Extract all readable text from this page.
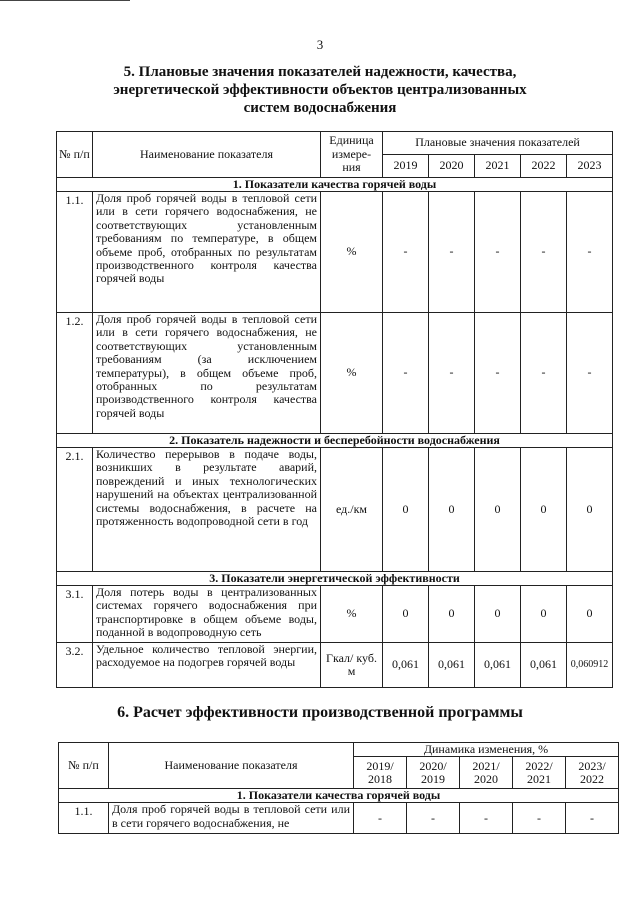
3
5. Плановые значения показателей надежности, качества,
энергетической эффективности объектов централизованных
систем водоснабжения
№ п/п	Наименование показателя	Единица измере-ния	Плановые значения показателей				
			2019	2020	2021	2022	2023
1. Показатели качества горячей воды							
1.1.	Доля проб горячей воды в тепловой сети или в сети горячего водоснабжения, не соответствующих установленным требованиям по температуре, в общем объеме проб, отобранных по результатам производственного контроля качества горячей воды	%	-	-	-	-	-
1.2.	Доля проб горячей воды в тепловой сети или в сети горячего водоснабжения, не соответствующих установленным требованиям (за исключением температуры), в общем объеме проб, отобранных по результатам производственного контроля качества горячей воды	%	-	-	-	-	-
2. Показатель надежности и бесперебойности водоснабжения							
2.1.	Количество перерывов в подаче воды, возникших в результате аварий, повреждений и иных технологических нарушений на объектах централизованной системы водоснабжения, в расчете на протяженность водопроводной сети в год	ед./км	0	0	0	0	0
3. Показатели энергетической эффективности							
3.1.	Доля потерь воды в централизованных системах горячего водоснабжения при транспортировке в общем объеме воды, поданной в водопроводную сеть	%	0	0	0	0	0
3.2.	Удельное количество тепловой энергии, расходуемое на подогрев горячей воды	Гкал/ куб. м	0,061	0,061	0,061	0,061	0,060912
6. Расчет эффективности производственной программы
№ п/п	Наименование показателя	Динамика изменения, %				
		2019/ 2018	2020/ 2019	2021/ 2020	2022/ 2021	2023/ 2022
1. Показатели качества горячей воды						
1.1.	Доля проб горячей воды в тепловой сети или в сети горячего водоснабжения, не	-	-	-	-	-
